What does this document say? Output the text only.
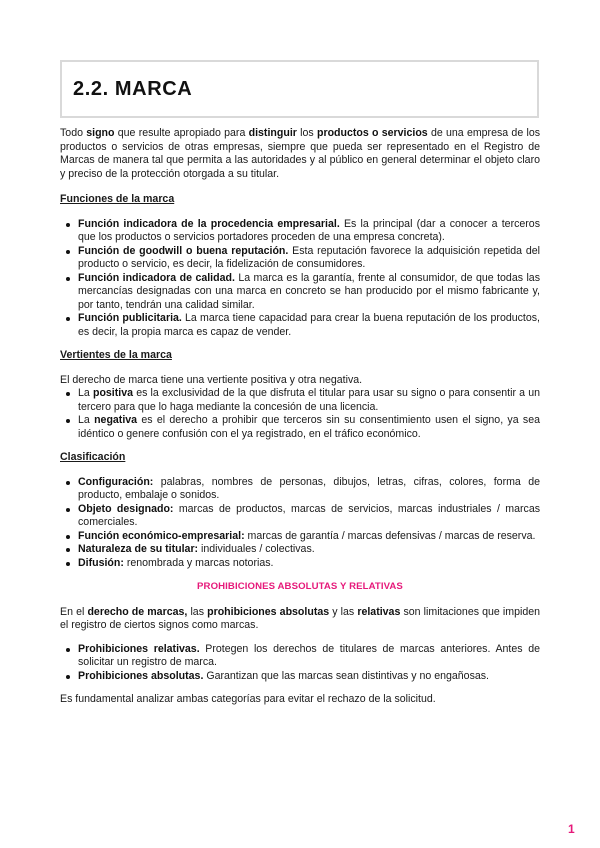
2.2. MARCA

Todo signo que resulte apropiado para distinguir los productos o servicios de una empresa de los productos o servicios de otras empresas, siempre que pueda ser representado en el Registro de Marcas de manera tal que permita a las autoridades y al público en general determinar el objeto claro y preciso de la protección otorgada a su titular.

Funciones de la marca
Función indicadora de la procedencia empresarial. Es la principal (dar a conocer a terceros que los productos o servicios portadores proceden de una empresa concreta).
Función de goodwill o buena reputación. Esta reputación favorece la adquisición repetida del producto o servicio, es decir, la fidelización de consumidores.
Función indicadora de calidad. La marca es la garantía, frente al consumidor, de que todas las mercancías designadas con una marca en concreto se han producido por el mismo fabricante y, por tanto, tendrán una calidad similar.
Función publicitaria. La marca tiene capacidad para crear la buena reputación de los productos, es decir, la propia marca es capaz de vender.
Vertientes de la marca

El derecho de marca tiene una vertiente positiva y otra negativa.

La positiva es la exclusividad de la que disfruta el titular para usar su signo o para consentir a un tercero para que lo haga mediante la concesión de una licencia.
La negativa es el derecho a prohibir que terceros sin su consentimiento usen el signo, ya sea idéntico o genere confusión con el ya registrado, en el tráfico económico.
Clasificación
Configuración: palabras, nombres de personas, dibujos, letras, cifras, colores, forma de producto, embalaje o sonidos.
Objeto designado: marcas de productos, marcas de servicios, marcas industriales / marcas comerciales.
Función económico-empresarial: marcas de garantía / marcas defensivas / marcas de reserva.
Naturaleza de su titular: individuales / colectivas.
Difusión: renombrada y marcas notorias.
PROHIBICIONES ABSOLUTAS Y RELATIVAS

En el derecho de marcas, las prohibiciones absolutas y las relativas son limitaciones que impiden el registro de ciertos signos como marcas.

Prohibiciones relativas. Protegen los derechos de titulares de marcas anteriores. Antes de solicitar un registro de marca.
Prohibiciones absolutas. Garantizan que las marcas sean distintivas y no engañosas.

Es fundamental analizar ambas categorías para evitar el rechazo de la solicitud.

1
